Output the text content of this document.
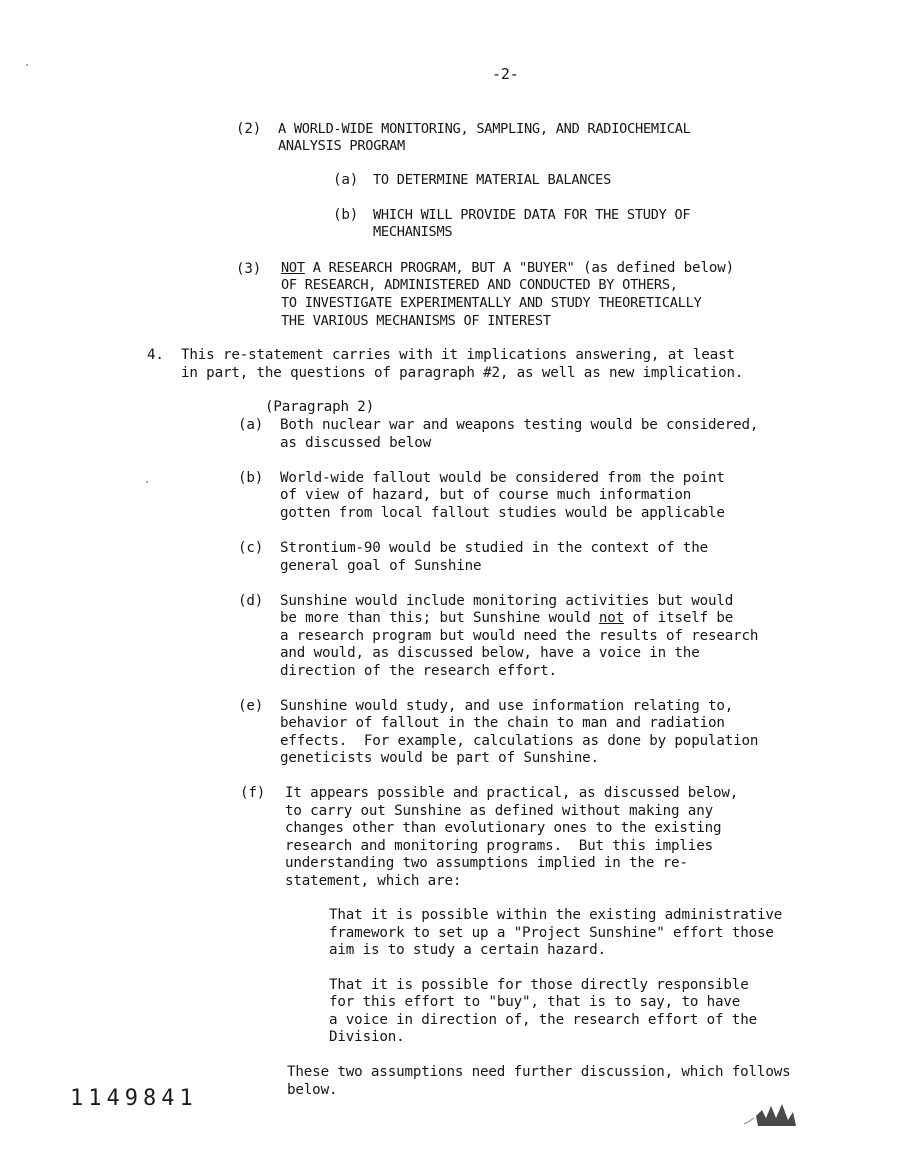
-2-
(2) A WORLD-WIDE MONITORING, SAMPLING, AND RADIOCHEMICAL
ANALYSIS PROGRAM
(a) TO DETERMINE MATERIAL BALANCES
(b) WHICH WILL PROVIDE DATA FOR THE STUDY OF
MECHANISMS
(3) NOT A RESEARCH PROGRAM, BUT A "BUYER" (as defined below)
OF RESEARCH, ADMINISTERED AND CONDUCTED BY OTHERS,
TO INVESTIGATE EXPERIMENTALLY AND STUDY THEORETICALLY
THE VARIOUS MECHANISMS OF INTEREST
4. This re-statement carries with it implications answering, at least
in part, the questions of paragraph #2, as well as new implication.
(Paragraph 2)
(a) Both nuclear war and weapons testing would be considered,
as discussed below
(b) World-wide fallout would be considered from the point
of view of hazard, but of course much information
gotten from local fallout studies would be applicable
(c) Strontium-90 would be studied in the context of the
general goal of Sunshine
(d) Sunshine would include monitoring activities but would
be more than this; but Sunshine would not of itself be
a research program but would need the results of research
and would, as discussed below, have a voice in the
direction of the research effort.
(e) Sunshine would study, and use information relating to,
behavior of fallout in the chain to man and radiation
effects.  For example, calculations as done by population
geneticists would be part of Sunshine.
(f) It appears possible and practical, as discussed below,
to carry out Sunshine as defined without making any
changes other than evolutionary ones to the existing
research and monitoring programs.  But this implies
understanding two assumptions implied in the re-
statement, which are:
That it is possible within the existing administrative
framework to set up a "Project Sunshine" effort those
aim is to study a certain hazard.
That it is possible for those directly responsible
for this effort to "buy", that is to say, to have
a voice in direction of, the research effort of the
Division.
These two assumptions need further discussion, which follows
below.
1149841
